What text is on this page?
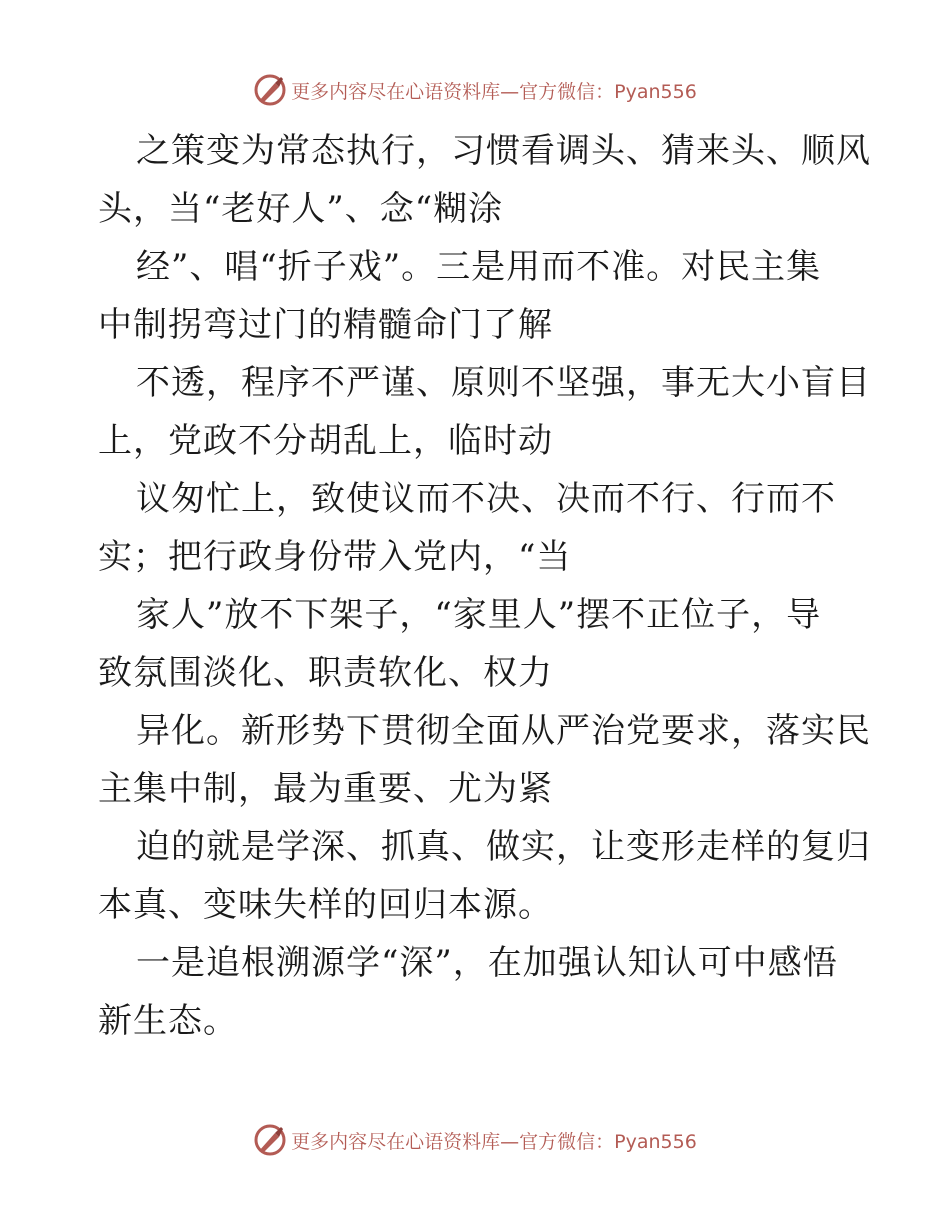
更多内容尽在心语资料库—官方微信：Pyan556
之策变为常态执行，习惯看调头、猜来头、顺风
头，当“老好人”、念“糊涂
经”、唱“折子戏”。三是用而不准。对民主集
中制拐弯过门的精髓命门了解
不透，程序不严谨、原则不坚强，事无大小盲目
上，党政不分胡乱上，临时动
议匆忙上，致使议而不决、决而不行、行而不
实；把行政身份带入党内，“当
家人”放不下架子，“家里人”摆不正位子，导
致氛围淡化、职责软化、权力
异化。新形势下贯彻全面从严治党要求，落实民
主集中制，最为重要、尤为紧
迫的就是学深、抓真、做实，让变形走样的复归
本真、变味失样的回归本源。
一是追根溯源学“深”，在加强认知认可中感悟
新生态。
更多内容尽在心语资料库—官方微信：Pyan556
